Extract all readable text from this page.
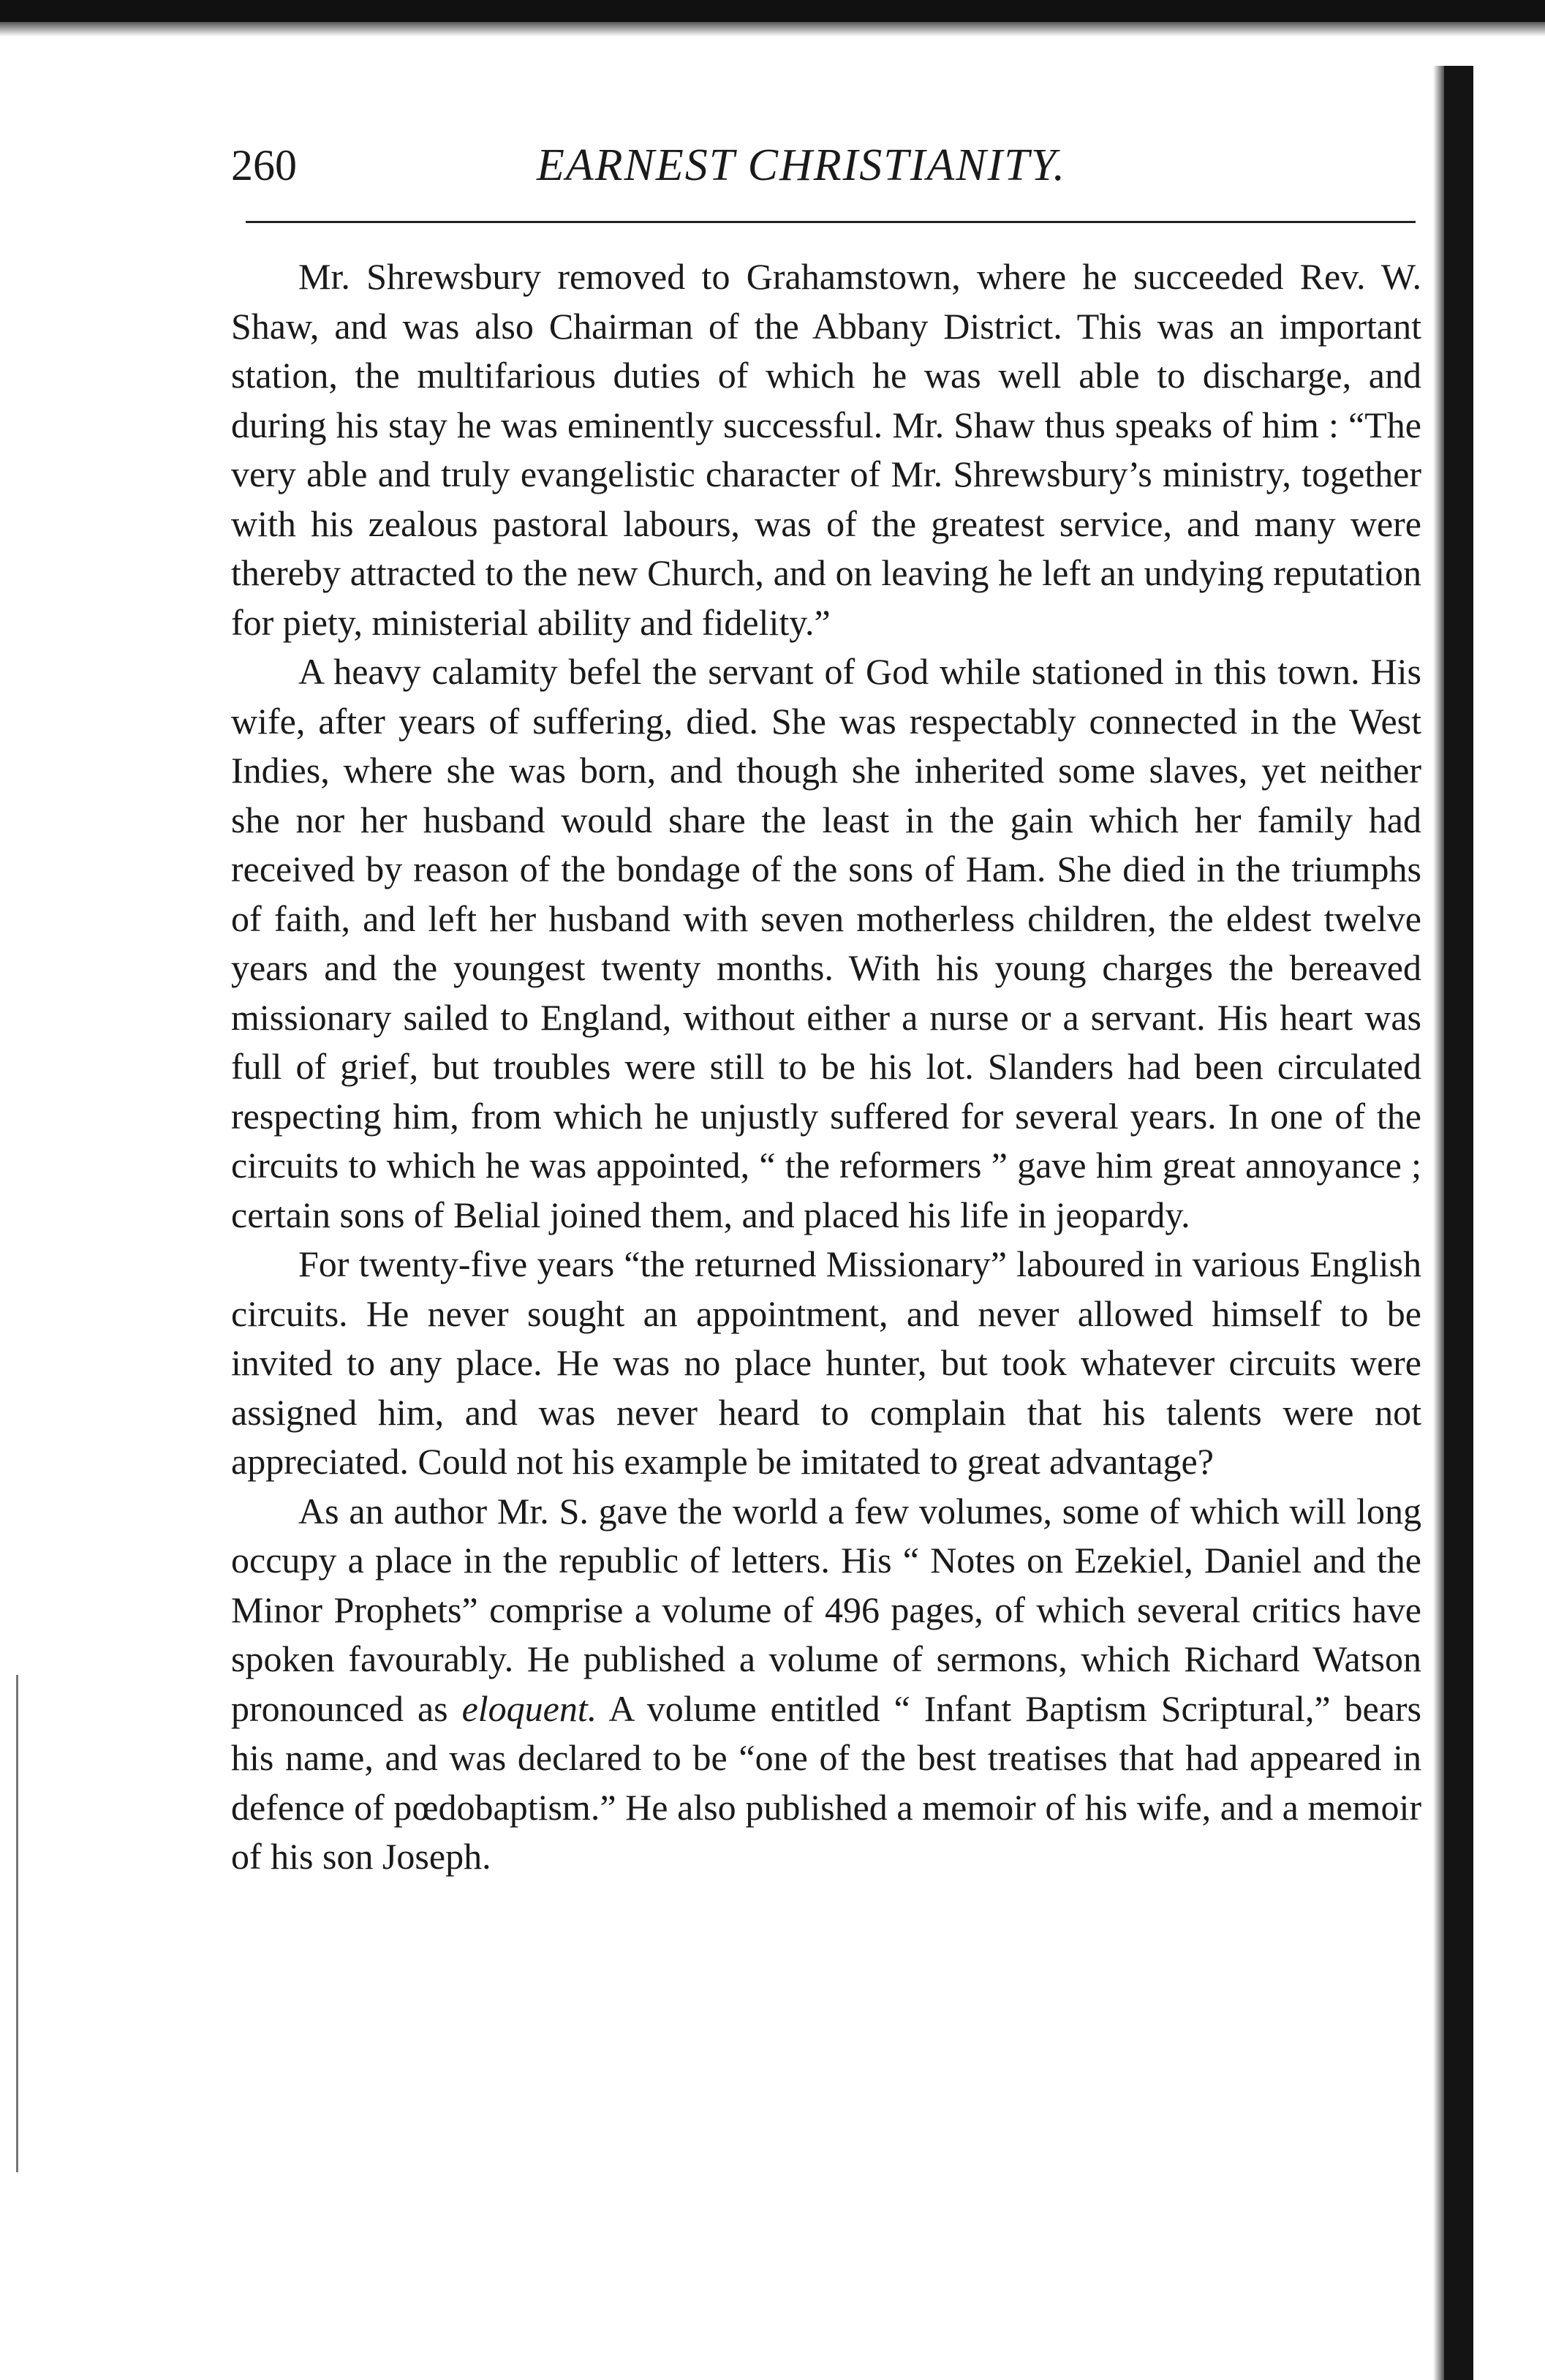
260	EARNEST CHRISTIANITY.

Mr. Shrewsbury removed to Grahamstown, where he succeeded Rev. W. Shaw, and was also Chairman of the Abbany District. This was an important station, the multifarious duties of which he was well able to discharge, and during his stay he was eminently successful. Mr. Shaw thus speaks of him : “The very able and truly evangelistic character of Mr. Shrewsbury’s ministry, together with his zealous pastoral labours, was of the greatest service, and many were thereby attracted to the new Church, and on leaving he left an undying reputation for piety, ministerial ability and fidelity.”

A heavy calamity befel the servant of God while stationed in this town. His wife, after years of suffering, died. She was respectably connected in the West Indies, where she was born, and though she inherited some slaves, yet neither she nor her husband would share the least in the gain which her family had received by reason of the bondage of the sons of Ham. She died in the triumphs of faith, and left her husband with seven motherless children, the eldest twelve years and the youngest twenty months. With his young charges the bereaved missionary sailed to England, without either a nurse or a servant. His heart was full of grief, but troubles were still to be his lot. Slanders had been circulated respecting him, from which he unjustly suffered for several years. In one of the circuits to which he was appointed, “ the reformers ” gave him great annoyance ; certain sons of Belial joined them, and placed his life in jeopardy.

For twenty-five years “the returned Missionary” laboured in various English circuits. He never sought an appointment, and never allowed himself to be invited to any place. He was no place hunter, but took whatever circuits were assigned him, and was never heard to complain that his talents were not appreciated. Could not his example be imitated to great advantage?

As an author Mr. S. gave the world a few volumes, some of which will long occupy a place in the republic of letters. His “ Notes on Ezekiel, Daniel and the Minor Prophets” comprise a volume of 496 pages, of which several critics have spoken favourably. He published a volume of sermons, which Richard Watson pronounced as eloquent. A volume entitled “ Infant Baptism Scriptural,” bears his name, and was declared to be “one of the best treatises that had appeared in defence of pœdobaptism.” He also published a memoir of his wife, and a memoir of his son Joseph.
